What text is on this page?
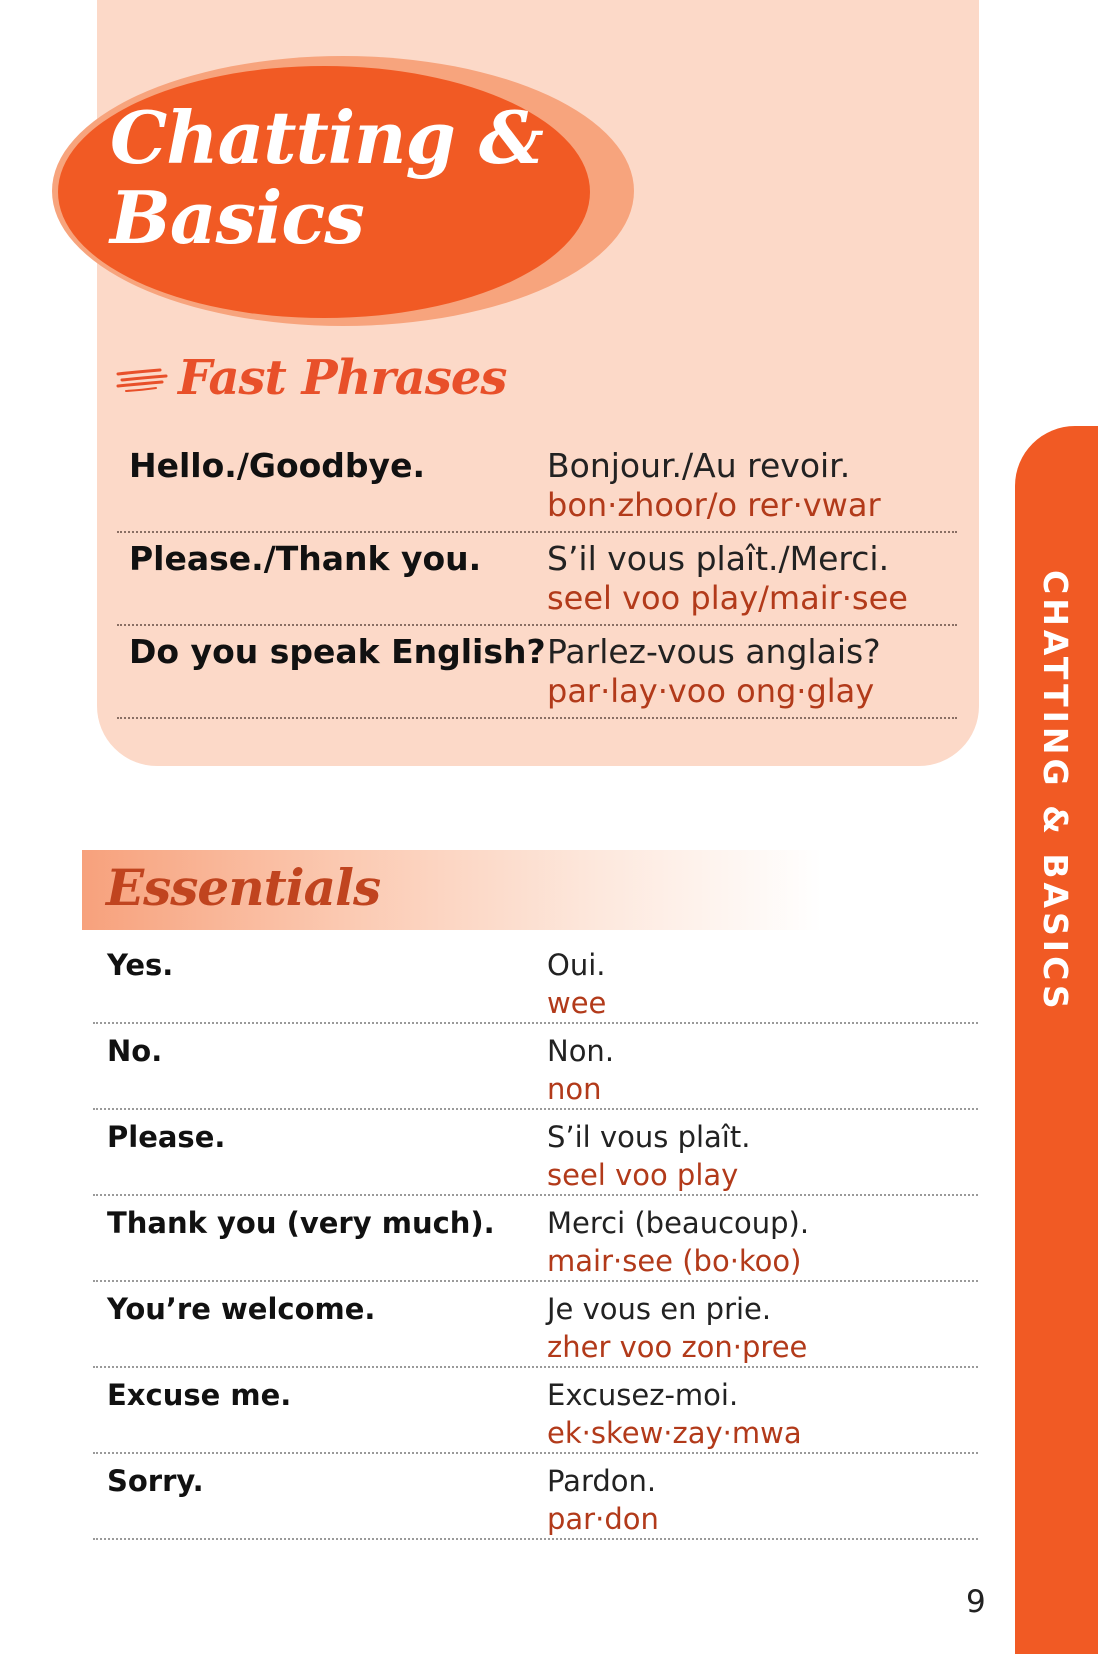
Chatting &
Basics
Fast Phrases
Hello./Goodbye.	Bonjour./Au revoir.
bon·zhoor/o rer·vwar
Please./Thank you. S’il vous plaît./Merci.
seel voo play/mair·see
Do you speak English? Parlez-vous anglais?
par·lay·voo ong·glay
Essentials
Yes.	Oui.
wee
No.	Non.
non
Please.	S’il vous plaît.
seel voo play
Thank you (very much). Merci (beaucoup).
mair·see (bo·koo)
You’re welcome.	Je vous en prie.
zher voo zon·pree
Excuse me.	Excusez-moi.
ek·skew·zay·mwa
Sorry.	Pardon.
par·don

CHATTING & BASICS

9
